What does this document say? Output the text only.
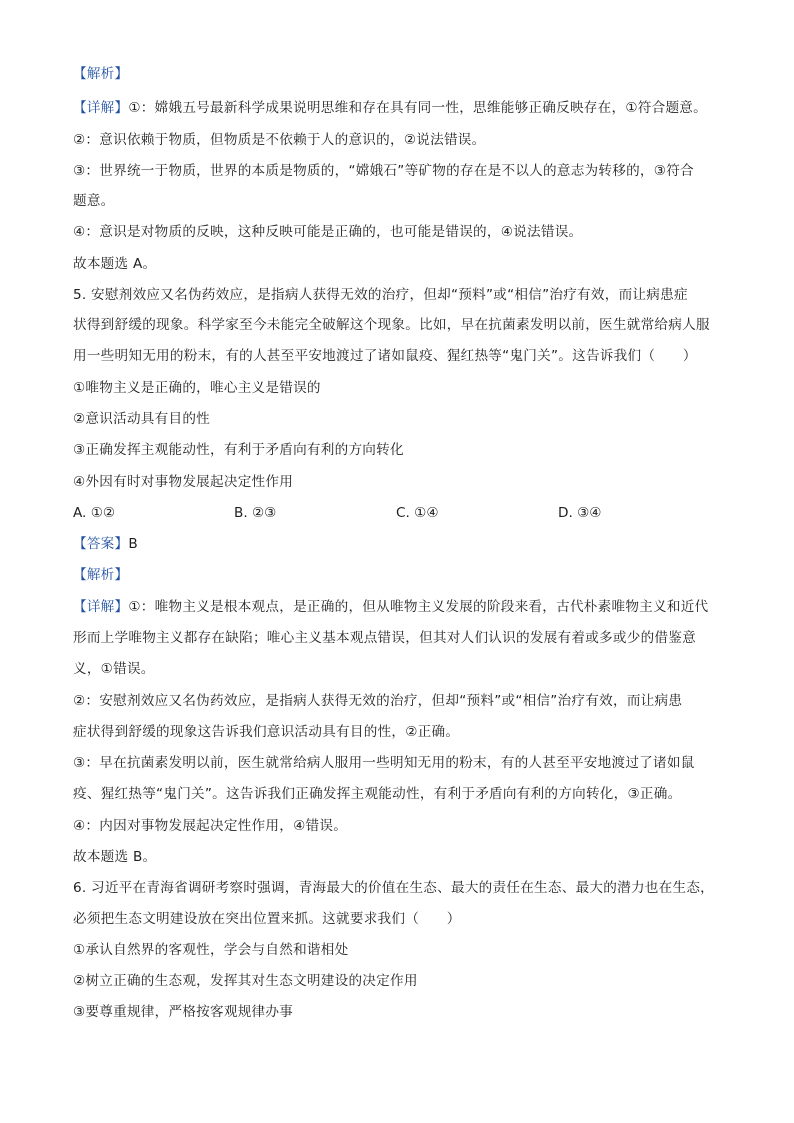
【解析】
【详解】①：嫦娥五号最新科学成果说明思维和存在具有同一性，思维能够正确反映存在，①符合题意。
②：意识依赖于物质，但物质是不依赖于人的意识的，②说法错误。
③：世界统一于物质，世界的本质是物质的，“嫦娥石”等矿物的存在是不以人的意志为转移的，③符合
题意。
④：意识是对物质的反映，这种反映可能是正确的，也可能是错误的，④说法错误。
故本题选 A。
5. 安慰剂效应又名伪药效应，是指病人获得无效的治疗，但却“预料”或“相信”治疗有效，而让病患症
状得到舒缓的现象。科学家至今未能完全破解这个现象。比如，早在抗菌素发明以前，医生就常给病人服
用一些明知无用的粉末，有的人甚至平安地渡过了诸如鼠疫、猩红热等“鬼门关”。这告诉我们（　　）
①唯物主义是正确的，唯心主义是错误的
②意识活动具有目的性
③正确发挥主观能动性，有利于矛盾向有利的方向转化
④外因有时对事物发展起决定性作用
A. ①②	B. ②③	C. ①④	D. ③④
【答案】B
【解析】
【详解】①：唯物主义是根本观点，是正确的，但从唯物主义发展的阶段来看，古代朴素唯物主义和近代
形而上学唯物主义都存在缺陷；唯心主义基本观点错误，但其对人们认识的发展有着或多或少的借鉴意
义，①错误。
②：安慰剂效应又名伪药效应，是指病人获得无效的治疗，但却“预料”或“相信”治疗有效，而让病患
症状得到舒缓的现象这告诉我们意识活动具有目的性，②正确。
③：早在抗菌素发明以前，医生就常给病人服用一些明知无用的粉末，有的人甚至平安地渡过了诸如鼠
疫、猩红热等“鬼门关”。这告诉我们正确发挥主观能动性，有利于矛盾向有利的方向转化，③正确。
④：内因对事物发展起决定性作用，④错误。
故本题选 B。
6. 习近平在青海省调研考察时强调，青海最大的价值在生态、最大的责任在生态、最大的潜力也在生态，
必须把生态文明建设放在突出位置来抓。这就要求我们（　　）
①承认自然界的客观性，学会与自然和谐相处
②树立正确的生态观，发挥其对生态文明建设的决定作用
③要尊重规律，严格按客观规律办事
